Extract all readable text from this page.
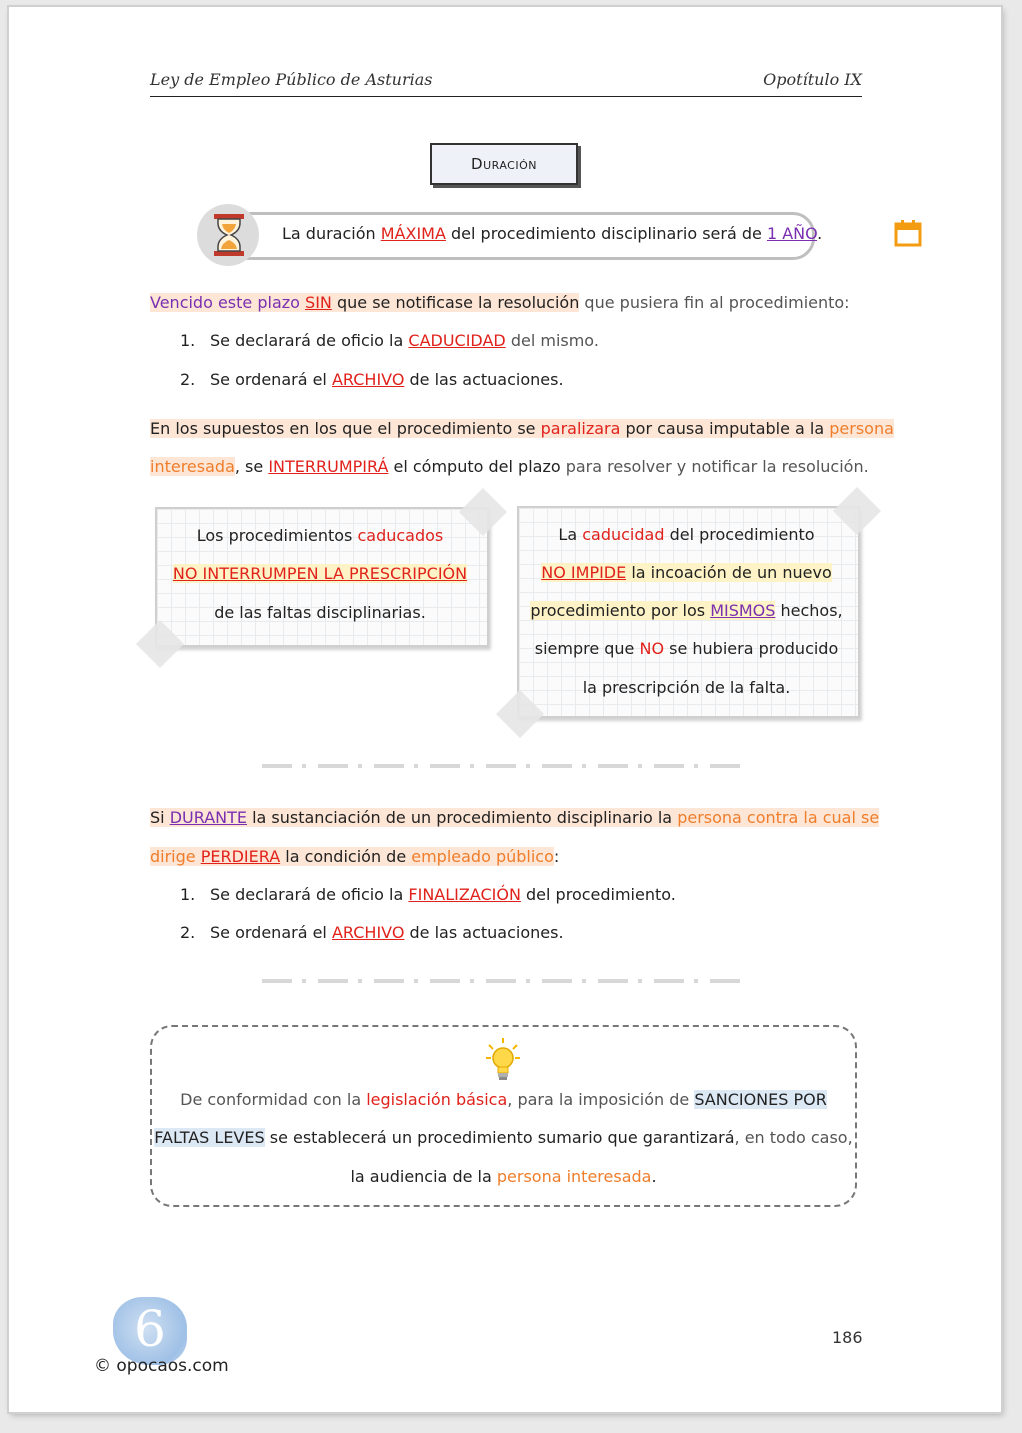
Ley de Empleo Público de Asturias	Opotítulo IX
Duración
La duración MÁXIMA del procedimiento disciplinario será de 1 AÑO.
Vencido este plazo SIN que se notificase la resolución que pusiera fin al procedimiento:
1. Se declarará de oficio la CADUCIDAD del mismo.
2. Se ordenará el ARCHIVO de las actuaciones.
En los supuestos en los que el procedimiento se paralizara por causa imputable a la persona
interesada, se INTERRUMPIRÁ el cómputo del plazo para resolver y notificar la resolución.
Los procedimientos caducados
NO INTERRUMPEN LA PRESCRIPCIÓN
de las faltas disciplinarias.
La caducidad del procedimiento
NO IMPIDE la incoación de un nuevo
procedimiento por los MISMOS hechos,
siempre que NO se hubiera producido
la prescripción de la falta.
Si DURANTE la sustanciación de un procedimiento disciplinario la persona contra la cual se
dirige PERDIERA la condición de empleado público:
1. Se declarará de oficio la FINALIZACIÓN del procedimiento.
2. Se ordenará el ARCHIVO de las actuaciones.
De conformidad con la legislación básica, para la imposición de SANCIONES POR
FALTAS LEVES se establecerá un procedimiento sumario que garantizará, en todo caso,
la audiencia de la persona interesada.
186
6
© opocaos.com
